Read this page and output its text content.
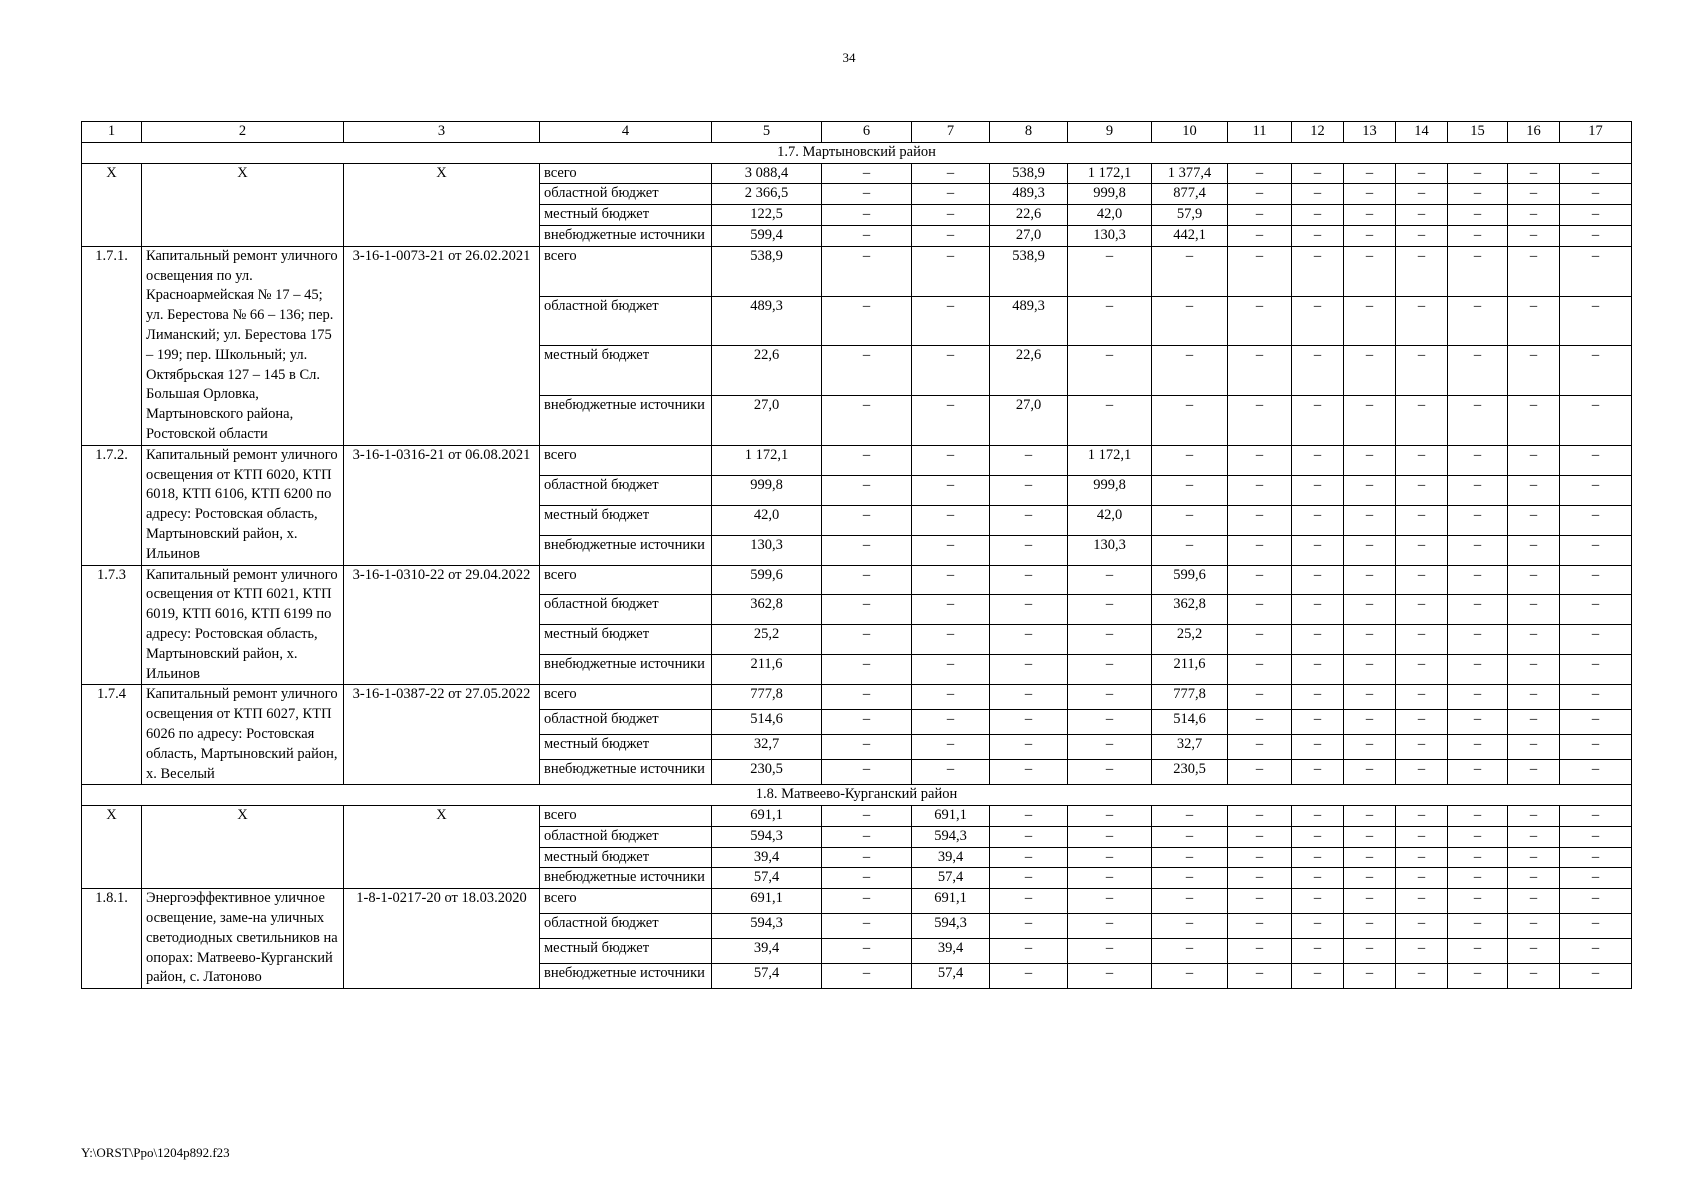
34
1	2	3	4	5	6	7	8	9	10	11	12	13	14	15	16	17
1.7. Мартыновский район																
X	X	X	всего	3 088,4	–	–	538,9	1 172,1	1 377,4	–	–	–	–	–	–	–
			областной бюджет	2 366,5	–	–	489,3	999,8	877,4	–	–	–	–	–	–	–
			местный бюджет	122,5	–	–	22,6	42,0	57,9	–	–	–	–	–	–	–
			внебюджетные источники	599,4	–	–	27,0	130,3	442,1	–	–	–	–	–	–	–
1.7.1.	Капитальный ремонт уличного освещения по ул. Красноармейская № 17 – 45; ул. Берестова № 66 – 136; пер. Лиманский; ул. Берестова 175 – 199; пер. Школьный; ул. Октябрьская 127 – 145 в Сл. Большая Орловка, Мартыновского района, Ростовской области	3-16-1-0073-21 от 26.02.2021	всего	538,9	–	–	538,9	–	–	–	–	–	–	–	–	–
			областной бюджет	489,3	–	–	489,3	–	–	–	–	–	–	–	–	–
			местный бюджет	22,6	–	–	22,6	–	–	–	–	–	–	–	–	–
			внебюджетные источники	27,0	–	–	27,0	–	–	–	–	–	–	–	–	–
1.7.2.	Капитальный ремонт уличного освещения от КТП 6020, КТП 6018, КТП 6106, КТП 6200 по адресу: Ростовская область, Мартыновский район, х. Ильинов	3-16-1-0316-21 от 06.08.2021	всего	1 172,1	–	–	–	1 172,1	–	–	–	–	–	–	–	–
			областной бюджет	999,8	–	–	–	999,8	–	–	–	–	–	–	–	–
			местный бюджет	42,0	–	–	–	42,0	–	–	–	–	–	–	–	–
			внебюджетные источники	130,3	–	–	–	130,3	–	–	–	–	–	–	–	–
1.7.3	Капитальный ремонт уличного освещения от КТП 6021, КТП 6019, КТП 6016, КТП 6199 по адресу: Ростовская область, Мартыновский район, х. Ильинов	3-16-1-0310-22 от 29.04.2022	всего	599,6	–	–	–	–	599,6	–	–	–	–	–	–	–
			областной бюджет	362,8	–	–	–	–	362,8	–	–	–	–	–	–	–
			местный бюджет	25,2	–	–	–	–	25,2	–	–	–	–	–	–	–
			внебюджетные источники	211,6	–	–	–	–	211,6	–	–	–	–	–	–	–
1.7.4	Капитальный ремонт уличного освещения от КТП 6027, КТП 6026 по адресу: Ростовская область, Мартыновский район, х. Веселый	3-16-1-0387-22 от 27.05.2022	всего	777,8	–	–	–	–	777,8	–	–	–	–	–	–	–
			областной бюджет	514,6	–	–	–	–	514,6	–	–	–	–	–	–	–
			местный бюджет	32,7	–	–	–	–	32,7	–	–	–	–	–	–	–
			внебюджетные источники	230,5	–	–	–	–	230,5	–	–	–	–	–	–	–
1.8. Матвеево-Курганский район																
X	X	X	всего	691,1	–	691,1	–	–	–	–	–	–	–	–	–	–
			областной бюджет	594,3	–	594,3	–	–	–	–	–	–	–	–	–	–
			местный бюджет	39,4	–	39,4	–	–	–	–	–	–	–	–	–	–
			внебюджетные источники	57,4	–	57,4	–	–	–	–	–	–	–	–	–	–
1.8.1.	Энергоэффективное уличное освещение, заме-на уличных светодиодных светильников на опорах: Матвеево-Курганский район, с. Латоново	1-8-1-0217-20 от 18.03.2020	всего	691,1	–	691,1	–	–	–	–	–	–	–	–	–	–
			областной бюджет	594,3	–	594,3	–	–	–	–	–	–	–	–	–	–
			местный бюджет	39,4	–	39,4	–	–	–	–	–	–	–	–	–	–
			внебюджетные источники	57,4	–	57,4	–	–	–	–	–	–	–	–	–	–
Y:\ORST\Ppo\1204p892.f23
